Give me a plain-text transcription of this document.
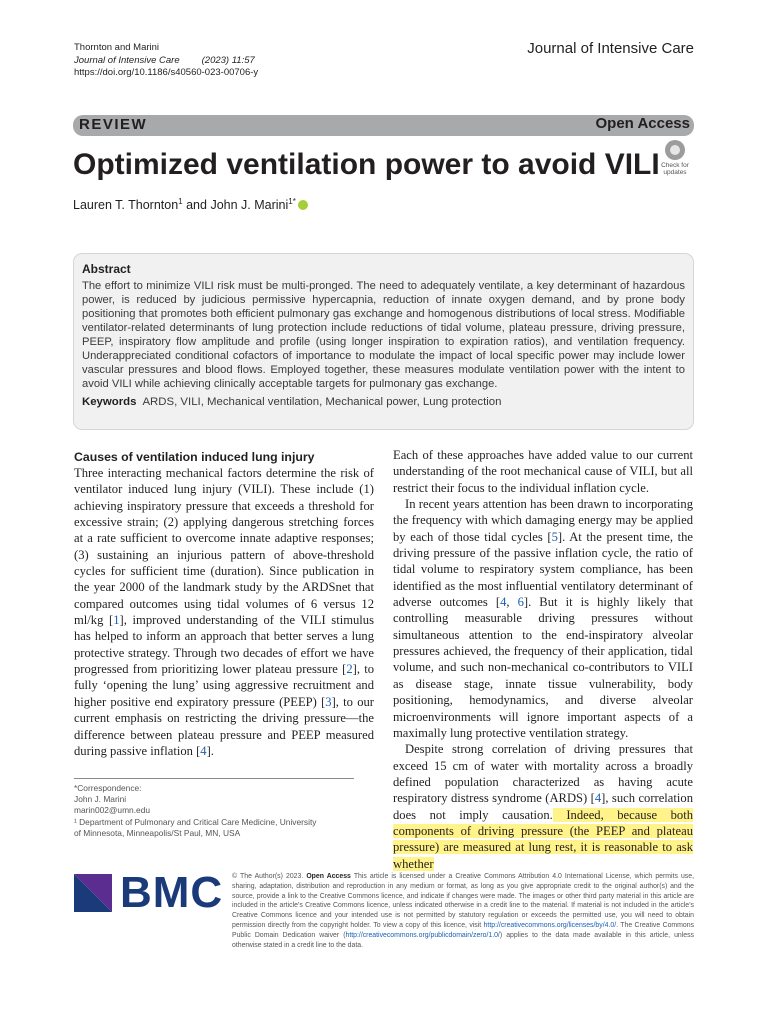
Thornton and Marini
Journal of Intensive Care (2023) 11:57
https://doi.org/10.1186/s40560-023-00706-y
Journal of Intensive Care
REVIEW	Open Access
Optimized ventilation power to avoid VILI Check for
updates
Lauren T. Thornton$^1$ and John J. Marini$^{1*}$
Abstract

The effort to minimize VILI risk must be multi-pronged. The need to adequately ventilate, a key determinant of hazardous power, is reduced by judicious permissive hypercapnia, reduction of innate oxygen demand, and by prone body positioning that promotes both efficient pulmonary gas exchange and homogenous distributions of local stress. Modifiable ventilator-related determinants of lung protection include reductions of tidal volume, plateau pressure, driving pressure, PEEP, inspiratory flow amplitude and profile (using longer inspiration to expiration ratios), and ventilation frequency. Underappreciated conditional cofactors of importance to modulate the impact of local specific power may include lower vascular pressures and blood flows. Employed together, these measures modulate ventilation power with the intent to avoid VILI while achieving clinically acceptable targets for pulmonary gas exchange.

Keywords ARDS, VILI, Mechanical ventilation, Mechanical power, Lung protection
Causes of ventilation induced lung injury

Three interacting mechanical factors determine the risk of ventilator induced lung injury (VILI). These include (1) achieving inspiratory pressure that exceeds a threshold for excessive strain; (2) applying dangerous stretching forces at a rate sufficient to overcome innate adaptive responses; (3) sustaining an injurious pattern of above-threshold cycles for sufficient time (duration). Since publication in the year 2000 of the landmark study by the ARDSnet that compared outcomes using tidal volumes of 6 versus 12 ml/kg [1], improved understanding of the VILI stimulus has helped to inform an approach that better serves a lung protective strategy. Through two decades of effort we have progressed from prioritizing lower plateau pressure [2], to fully ‘opening the lung’ using aggressive recruitment and higher positive end expiratory pressure (PEEP) [3], to our current emphasis on restricting the driving pressure—the difference between plateau pressure and PEEP measured during passive inflation [4].

Each of these approaches have added value to our current understanding of the root mechanical cause of VILI, but all restrict their focus to the individual inflation cycle.

In recent years attention has been drawn to incorporating the frequency with which damaging energy may be applied by each of those tidal cycles [5]. At the present time, the driving pressure of the passive inflation cycle, the ratio of tidal volume to respiratory system compliance, has been identified as the most influential ventilatory determinant of adverse outcomes [4, 6]. But it is highly likely that controlling measurable driving pressures without simultaneous attention to the end-inspiratory alveolar pressures achieved, the frequency of their application, tidal volume, and such non-mechanical co-contributors to VILI as disease stage, innate tissue vulnerability, body positioning, hemodynamics, and diverse alveolar microenvironments will ignore important aspects of a maximally lung protective ventilation strategy.

Despite strong correlation of driving pressures that exceed 15 cm of water with mortality across a broadly defined population characterized as having acute respiratory distress syndrome (ARDS) [4], such correlation does not imply causation. Indeed, because both components of driving pressure (the PEEP and plateau pressure) are measured at lung rest, it is reasonable to ask whether

*Correspondence:
John J. Marini
marin002@umn.edu
¹ Department of Pulmonary and Critical Care Medicine, University
of Minnesota, Minneapolis/St Paul, MN, USA
BMC © The Author(s) 2023. Open Access This article is licensed under a Creative Commons Attribution 4.0 International License, which permits use, sharing, adaptation, distribution and reproduction in any medium or format, as long as you give appropriate credit to the original author(s) and the source, provide a link to the Creative Commons licence, and indicate if changes were made. The images or other third party material in this article are included in the article’s Creative Commons licence, unless indicated otherwise in a credit line to the material. If material is not included in the article’s Creative Commons licence and your intended use is not permitted by statutory regulation or exceeds the permitted use, you will need to obtain permission directly from the copyright holder. To view a copy of this licence, visit http://creativecommons.org/licenses/by/4.0/. The Creative Commons Public Domain Dedication waiver (http://creativecommons.org/publicdomain/zero/1.0/) applies to the data made available in this article, unless otherwise stated in a credit line to the data.
